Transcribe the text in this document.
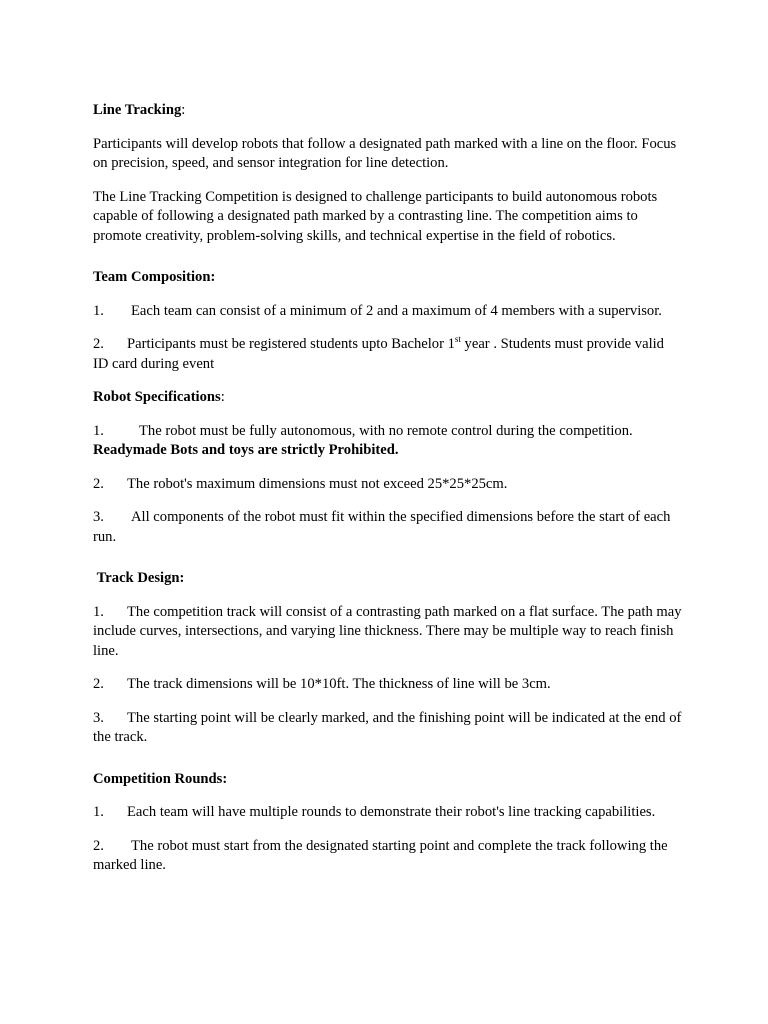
Line Tracking:

Participants will develop robots that follow a designated path marked with a line on the floor. Focus on precision, speed, and sensor integration for line detection.

The Line Tracking Competition is designed to challenge participants to build autonomous robots capable of following a designated path marked by a contrasting line. The competition aims to promote creativity, problem-solving skills, and technical expertise in the field of robotics.

Team Composition:

1. Each team can consist of a minimum of 2 and a maximum of 4 members with a supervisor.

2. Participants must be registered students upto Bachelor 1st year . Students must provide valid ID card during event

Robot Specifications:

1. The robot must be fully autonomous, with no remote control during the competition.
Readymade Bots and toys are strictly Prohibited.

2. The robot's maximum dimensions must not exceed 25*25*25cm.

3. All components of the robot must fit within the specified dimensions before the start of each run.

Track Design:

1. The competition track will consist of a contrasting path marked on a flat surface. The path may include curves, intersections, and varying line thickness. There may be multiple way to reach finish line.

2. The track dimensions will be 10*10ft. The thickness of line will be 3cm.

3. The starting point will be clearly marked, and the finishing point will be indicated at the end of the track.

Competition Rounds:

1. Each team will have multiple rounds to demonstrate their robot's line tracking capabilities.

2. The robot must start from the designated starting point and complete the track following the marked line.
